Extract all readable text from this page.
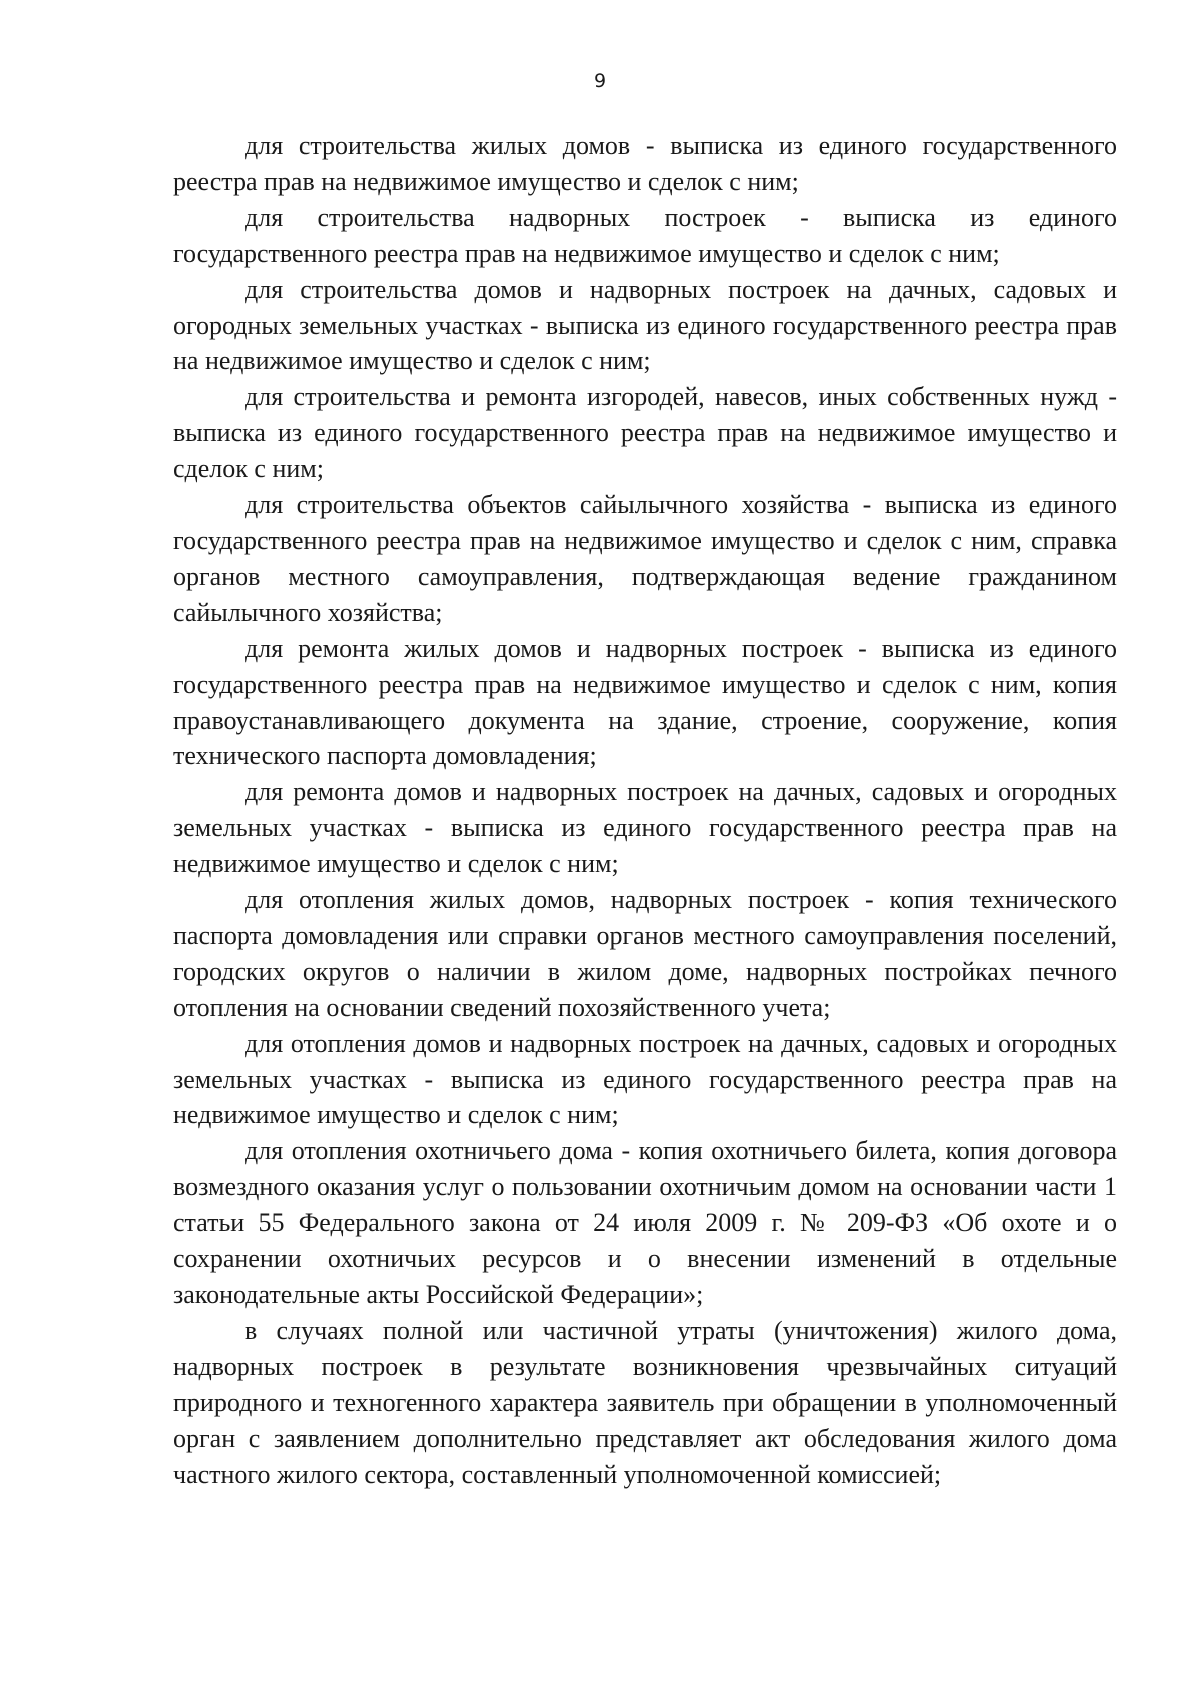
9

для строительства жилых домов - выписка из единого государственного реестра прав на недвижимое имущество и сделок с ним;

для строительства надворных построек - выписка из единого государственного реестра прав на недвижимое имущество и сделок с ним;

для строительства домов и надворных построек на дачных, садовых и огородных земельных участках - выписка из единого государственного реестра прав на недвижимое имущество и сделок с ним;

для строительства и ремонта изгородей, навесов, иных собственных нужд - выписка из единого государственного реестра прав на недвижимое имущество и сделок с ним;

для строительства объектов сайылычного хозяйства - выписка из единого государственного реестра прав на недвижимое имущество и сделок с ним, справка органов местного самоуправления, подтверждающая ведение гражданином сайылычного хозяйства;

для ремонта жилых домов и надворных построек - выписка из единого государственного реестра прав на недвижимое имущество и сделок с ним, копия правоустанавливающего документа на здание, строение, сооружение, копия технического паспорта домовладения;

для ремонта домов и надворных построек на дачных, садовых и огородных земельных участках - выписка из единого государственного реестра прав на недвижимое имущество и сделок с ним;

для отопления жилых домов, надворных построек - копия технического паспорта домовладения или справки органов местного самоуправления поселений, городских округов о наличии в жилом доме, надворных постройках печного отопления на основании сведений похозяйственного учета;

для отопления домов и надворных построек на дачных, садовых и огородных земельных участках - выписка из единого государственного реестра прав на недвижимое имущество и сделок с ним;

для отопления охотничьего дома - копия охотничьего билета, копия договора возмездного оказания услуг о пользовании охотничьим домом на основании части 1 статьи 55 Федерального закона от 24 июля 2009 г. № 209-ФЗ «Об охоте и о сохранении охотничьих ресурсов и о внесении изменений в отдельные законодательные акты Российской Федерации»;

в случаях полной или частичной утраты (уничтожения) жилого дома, надворных построек в результате возникновения чрезвычайных ситуаций природного и техногенного характера заявитель при обращении в уполномоченный орган с заявлением дополнительно представляет акт обследования жилого дома частного жилого сектора, составленный уполномоченной комиссией;
